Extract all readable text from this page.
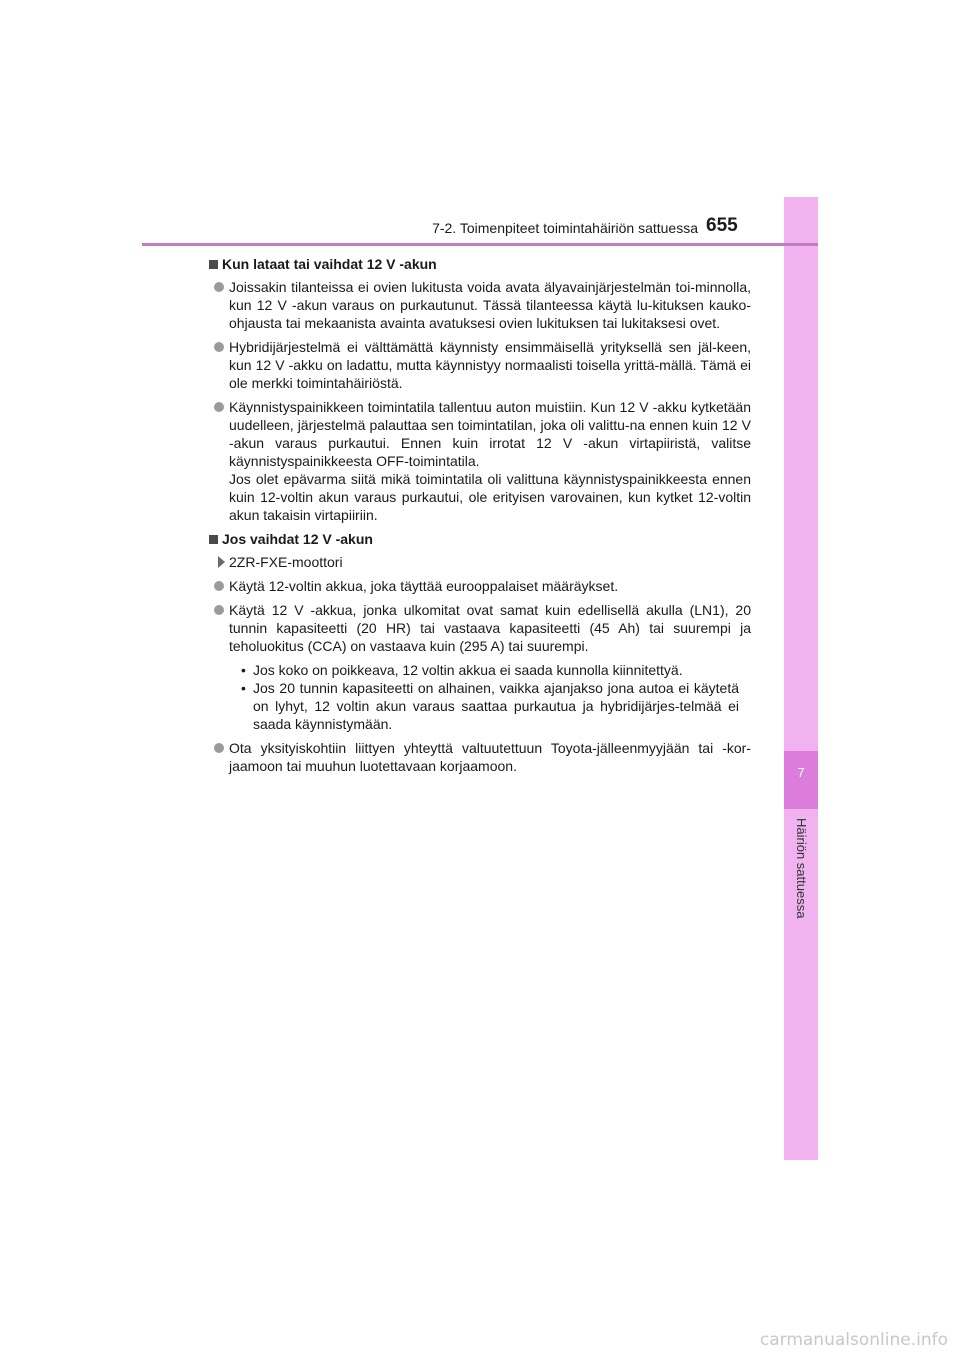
7
Häiriön sattuessa
7-2. Toimenpiteet toimintahäiriön sattuessa 655
Kun lataat tai vaihdat 12 V -akun

Joissakin tilanteissa ei ovien lukitusta voida avata älyavainjärjestelmän toi-minnolla, kun 12 V -akun varaus on purkautunut. Tässä tilanteessa käytä lu-kituksen kauko-ohjausta tai mekaanista avainta avatuksesi ovien lukituksen tai lukitaksesi ovet.

Hybridijärjestelmä ei välttämättä käynnisty ensimmäisellä yrityksellä sen jäl-keen, kun 12 V -akku on ladattu, mutta käynnistyy normaalisti toisella yrittä-mällä. Tämä ei ole merkki toimintahäiriöstä.

Käynnistyspainikkeen toimintatila tallentuu auton muistiin. Kun 12 V -akku kytketään uudelleen, järjestelmä palauttaa sen toimintatilan, joka oli valittu-na ennen kuin 12 V -akun varaus purkautui. Ennen kuin irrotat 12 V -akun virtapiiristä, valitse käynnistyspainikkeesta OFF-toimintatila.

Jos olet epävarma siitä mikä toimintatila oli valittuna käynnistyspainikkeesta ennen kuin 12-voltin akun varaus purkautui, ole erityisen varovainen, kun kytket 12-voltin akun takaisin virtapiiriin.

Jos vaihdat 12 V -akun

2ZR-FXE-moottori

Käytä 12-voltin akkua, joka täyttää eurooppalaiset määräykset.

Käytä 12 V -akkua, jonka ulkomitat ovat samat kuin edellisellä akulla (LN1), 20 tunnin kapasiteetti (20 HR) tai vastaava kapasiteetti (45 Ah) tai suurempi ja teholuokitus (CCA) on vastaava kuin (295 A) tai suurempi.

• Jos koko on poikkeava, 12 voltin akkua ei saada kunnolla kiinnitettyä.

• Jos 20 tunnin kapasiteetti on alhainen, vaikka ajanjakso jona autoa ei käytetä on lyhyt, 12 voltin akun varaus saattaa purkautua ja hybridijärjes-telmää ei saada käynnistymään.

Ota yksityiskohtiin liittyen yhteyttä valtuutettuun Toyota-jälleenmyyjään tai -kor-jaamoon tai muuhun luotettavaan korjaamoon.

carmanualsonline.info
